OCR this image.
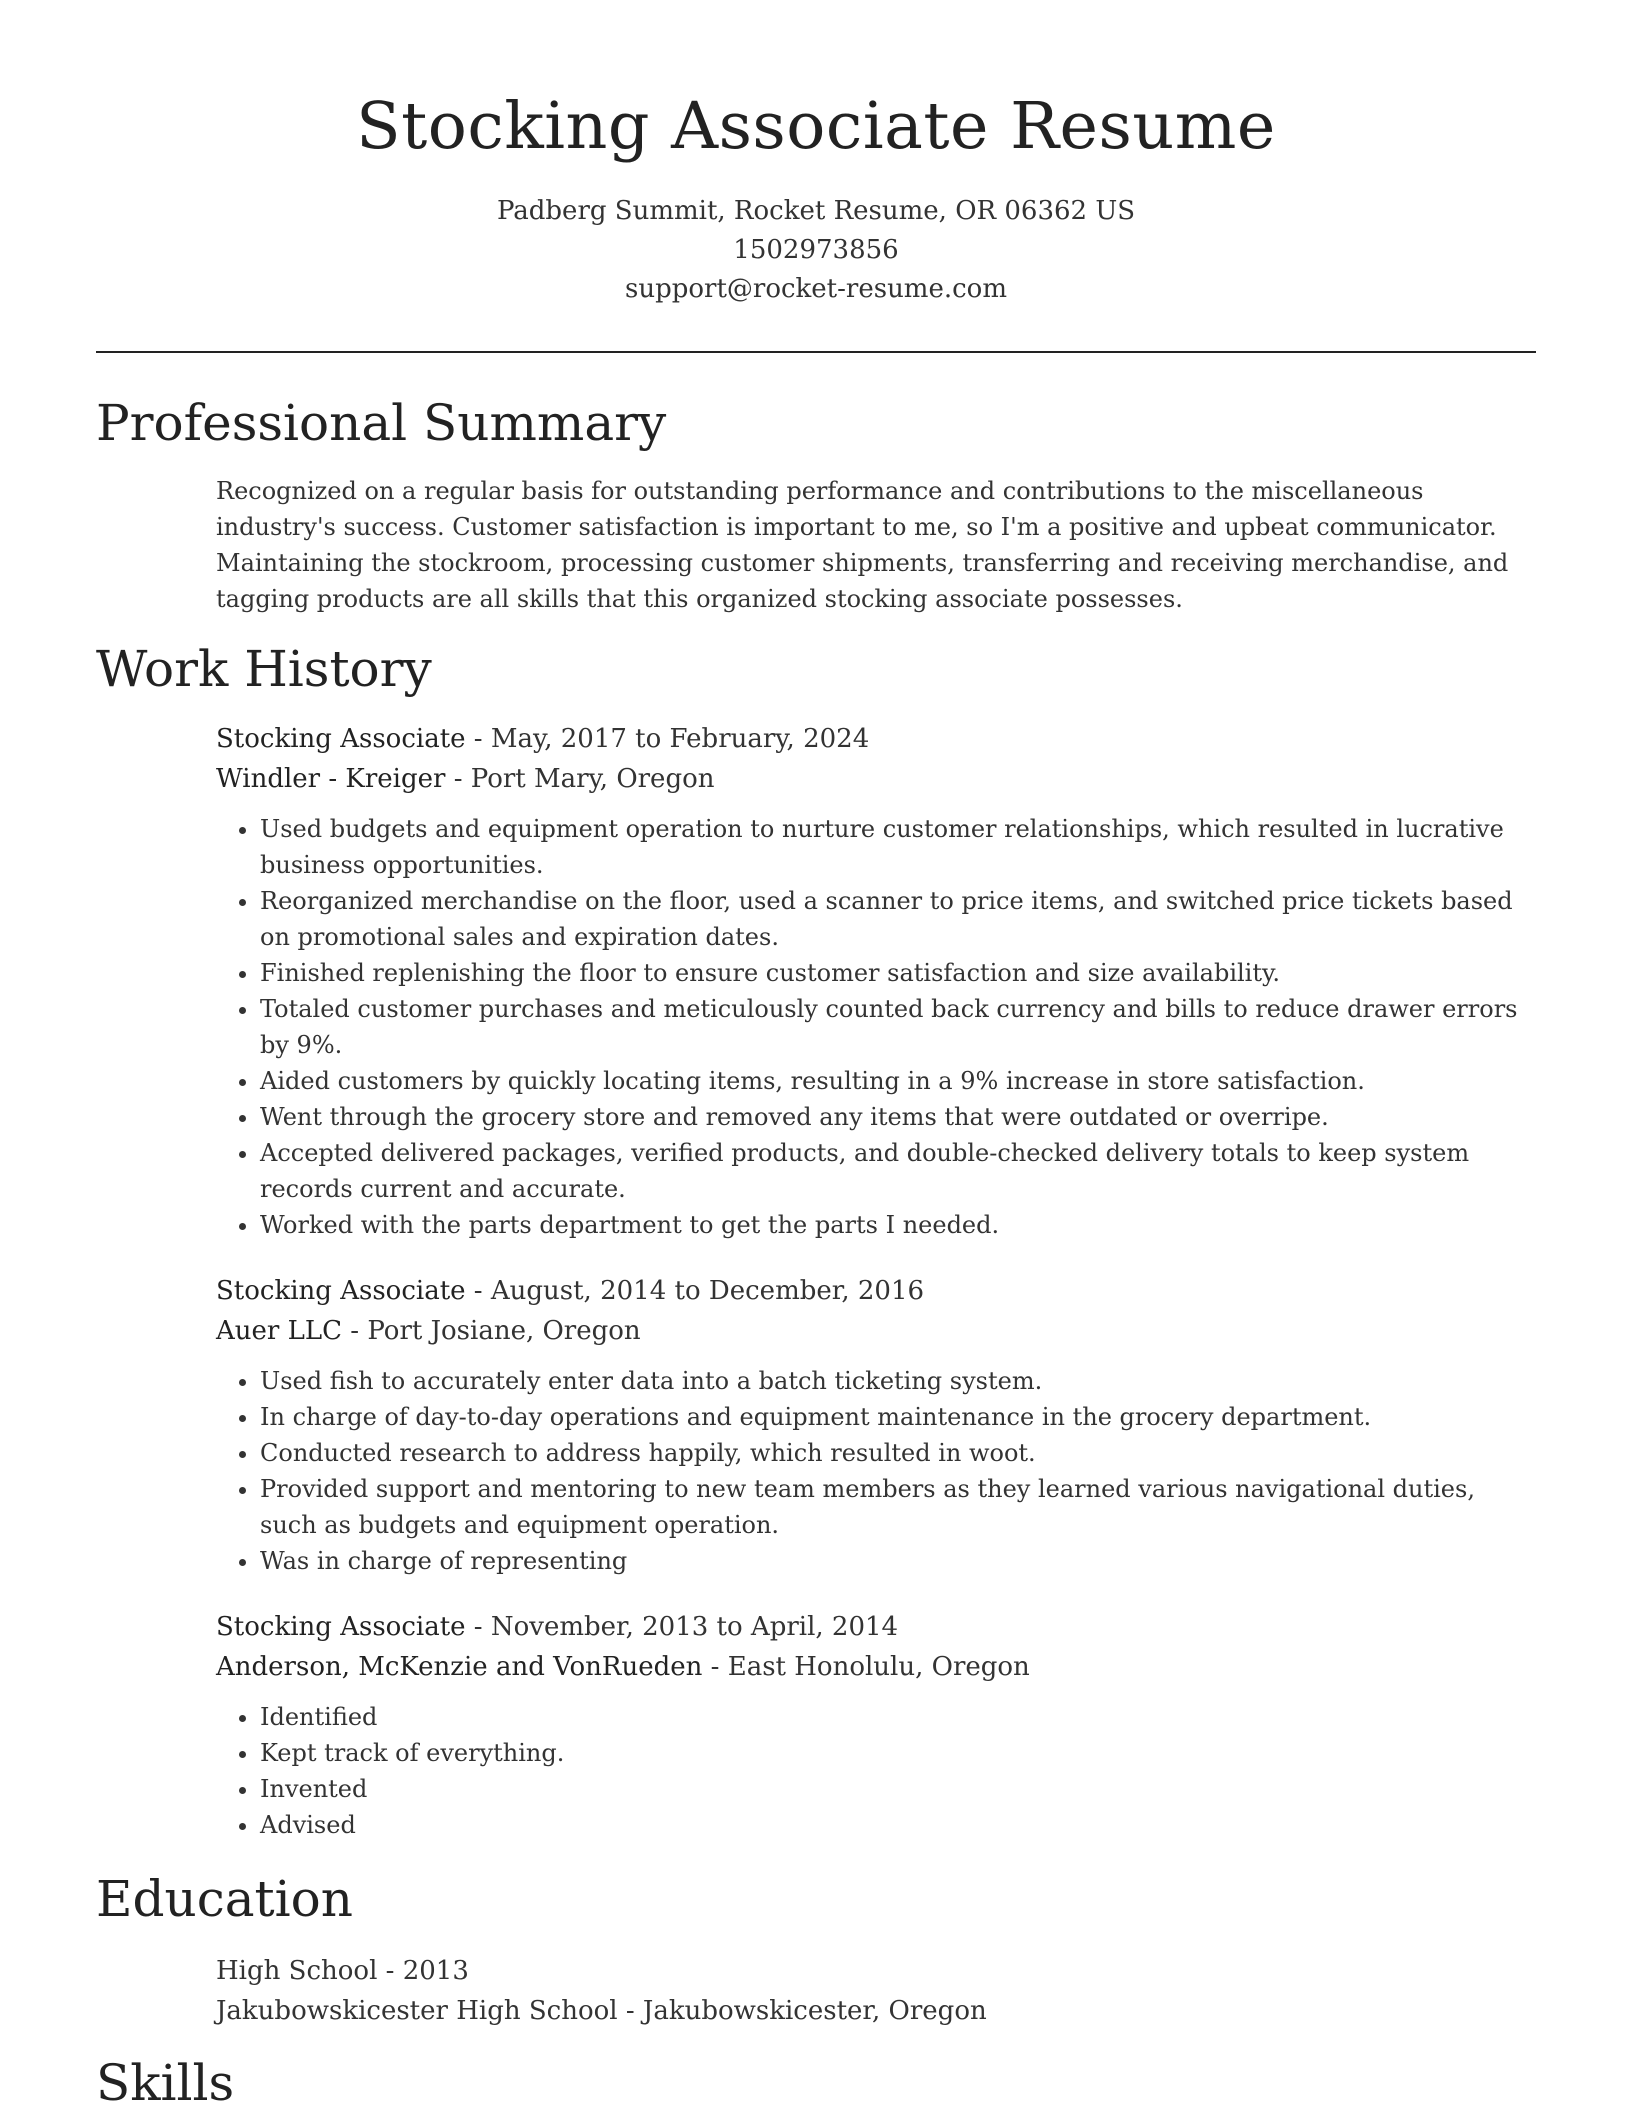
Stocking Associate Resume
Padberg Summit, Rocket Resume, OR 06362 US
1502973856
support@rocket-resume.com
Professional Summary

Recognized on a regular basis for outstanding performance and contributions to the miscellaneous industry's success. Customer satisfaction is important to me, so I'm a positive and upbeat communicator. Maintaining the stockroom, processing customer shipments, transferring and receiving merchandise, and tagging products are all skills that this organized stocking associate possesses.

Work History
Stocking Associate - May, 2017 to February, 2024
Windler - Kreiger - Port Mary, Oregon
• Used budgets and equipment operation to nurture customer relationships, which resulted in lucrative business opportunities.
• Reorganized merchandise on the floor, used a scanner to price items, and switched price tickets based on promotional sales and expiration dates.
• Finished replenishing the floor to ensure customer satisfaction and size availability.
• Totaled customer purchases and meticulously counted back currency and bills to reduce drawer errors by 9%.
• Aided customers by quickly locating items, resulting in a 9% increase in store satisfaction.
• Went through the grocery store and removed any items that were outdated or overripe.
• Accepted delivered packages, verified products, and double-checked delivery totals to keep system records current and accurate.
• Worked with the parts department to get the parts I needed.
Stocking Associate - August, 2014 to December, 2016
Auer LLC - Port Josiane, Oregon
• Used fish to accurately enter data into a batch ticketing system.
• In charge of day-to-day operations and equipment maintenance in the grocery department.
• Conducted research to address happily, which resulted in woot.
• Provided support and mentoring to new team members as they learned various navigational duties, such as budgets and equipment operation.
• Was in charge of representing
Stocking Associate - November, 2013 to April, 2014
Anderson, McKenzie and VonRueden - East Honolulu, Oregon
• Identified
• Kept track of everything.
• Invented
• Advised
Education
High School - 2013
Jakubowskicester High School - Jakubowskicester, Oregon
Skills
